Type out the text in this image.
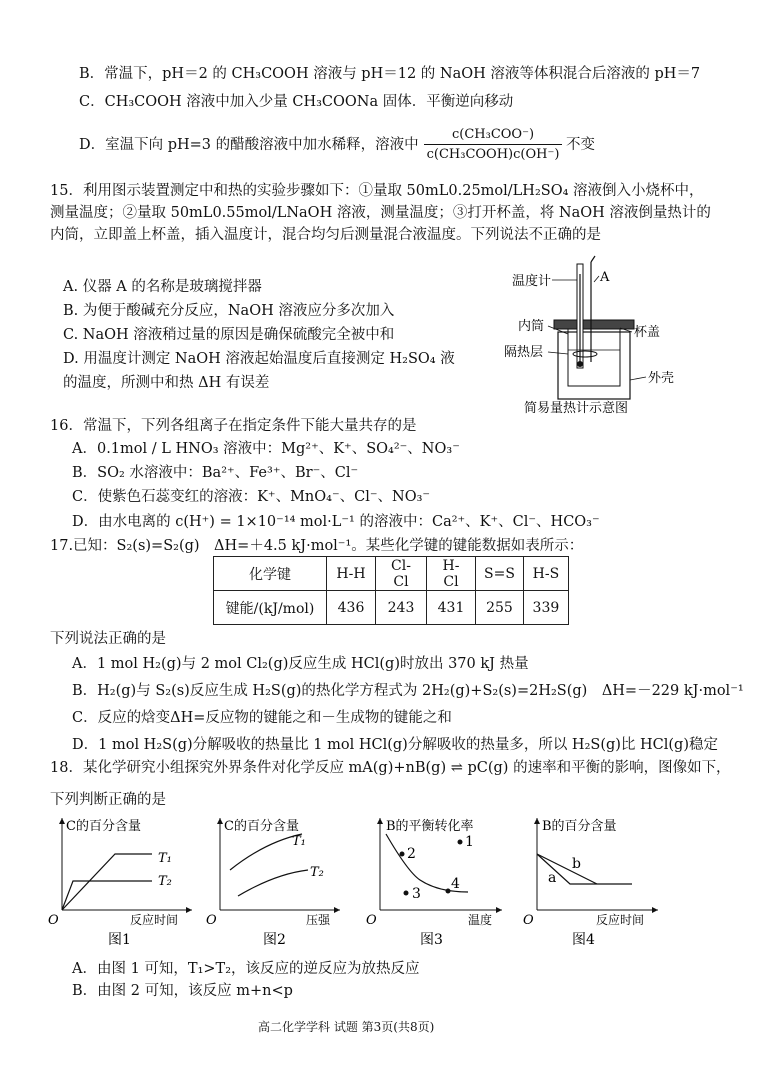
B．常温下，pH＝2 的 CH₃COOH 溶液与 pH＝12 的 NaOH 溶液等体积混合后溶液的 pH＝7
C．CH₃COOH 溶液中加入少量 CH₃COONa 固体．平衡逆向移动
D．室温下向 pH=3 的醋酸溶液中加水稀释，溶液中
c(CH₃COO⁻)
c(CH₃COOH)c(OH⁻)
不变
15．利用图示装置测定中和热的实验步骤如下：①量取 50mL0.25mol/LH₂SO₄ 溶液倒入小烧杯中，
测量温度；②量取 50mL0.55mol/LNaOH 溶液，测量温度；③打开杯盖，将 NaOH 溶液倒量热计的
内筒，立即盖上杯盖，插入温度计，混合均匀后测量混合液温度。下列说法不正确的是
A. 仪器 A 的名称是玻璃搅拌器
B. 为便于酸碱充分反应，NaOH 溶液应分多次加入
C. NaOH 溶液稍过量的原因是确保硫酸完全被中和
D. 用温度计测定 NaOH 溶液起始温度后直接测定 H₂SO₄ 液
的温度，所测中和热 ΔH 有误差
温度计	A
内筒
隔热层
杯盖
外壳
简易量热计示意图
16．常温下，下列各组离子在指定条件下能大量共存的是
A．0.1mol / L HNO₃ 溶液中：Mg²⁺、K⁺、SO₄²⁻、NO₃⁻
B．SO₂ 水溶液中：Ba²⁺、Fe³⁺、Br⁻、Cl⁻
C．使紫色石蕊变红的溶液：K⁺、MnO₄⁻、Cl⁻、NO₃⁻
D．由水电离的 c(H⁺) = 1×10⁻¹⁴ mol·L⁻¹ 的溶液中：Ca²⁺、K⁺、Cl⁻、HCO₃⁻
17.已知：S₂(s)=S₂(g)　ΔH=＋4.5 kJ·mol⁻¹。某些化学键的键能数据如表所示：
化学键	H-H	Cl-Cl	H-Cl	S=S	H-S
键能/(kJ/mol)	436	243	431	255	339
下列说法正确的是
A．1 mol H₂(g)与 2 mol Cl₂(g)反应生成 HCl(g)时放出 370 kJ 热量
B．H₂(g)与 S₂(s)反应生成 H₂S(g)的热化学方程式为 2H₂(g)+S₂(s)=2H₂S(g)　ΔH=－229 kJ·mol⁻¹
C．反应的焓变ΔH=反应物的键能之和－生成物的键能之和
D．1 mol H₂S(g)分解吸收的热量比 1 mol HCl(g)分解吸收的热量多，所以 H₂S(g)比 HCl(g)稳定
18．某化学研究小组探究外界条件对化学反应 mA(g)+nB(g) ⇌ pC(g) 的速率和平衡的影响，图像如下，
下列判断正确的是
C的百分含量
反应时间
O
T₁
T₂
图1
C的百分含量
压强
O
T₁
T₂
图2
B的平衡转化率
温度
O
1
2
3
4
图3
B的百分含量
反应时间
O
a
b
图4
A．由图 1 可知，T₁>T₂，该反应的逆反应为放热反应
B．由图 2 可知，该反应 m+n<p
高二化学学科 试题 第3页(共8页)
